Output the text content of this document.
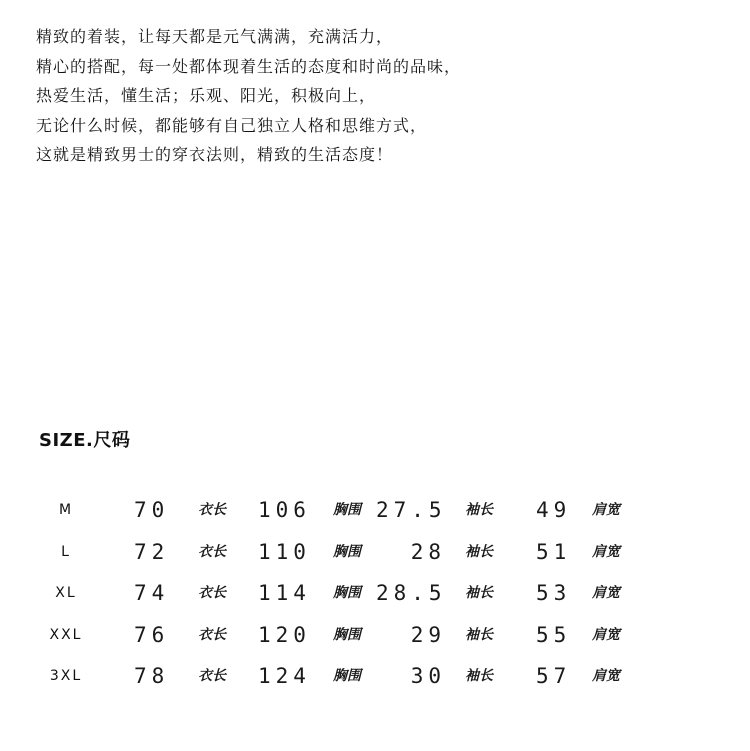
精致的着装，让每天都是元气满满，充满活力，
精心的搭配，每一处都体现着生活的态度和时尚的品味，
热爱生活，懂生活；乐观、阳光，积极向上，
无论什么时候，都能够有自己独立人格和思维方式，
这就是精致男士的穿衣法则，精致的生活态度！
SIZE.尺码
M	70 衣长 106 胸围 27.5 袖长 49 肩宽
L	72 衣长 110 胸围	28 袖长 51 肩宽
XL	74 衣长 114 胸围 28.5 袖长 53 肩宽
XXL	76 衣长 120 胸围	29 袖长 55 肩宽
3XL	78 衣长 124 胸围	30 袖长 57 肩宽
